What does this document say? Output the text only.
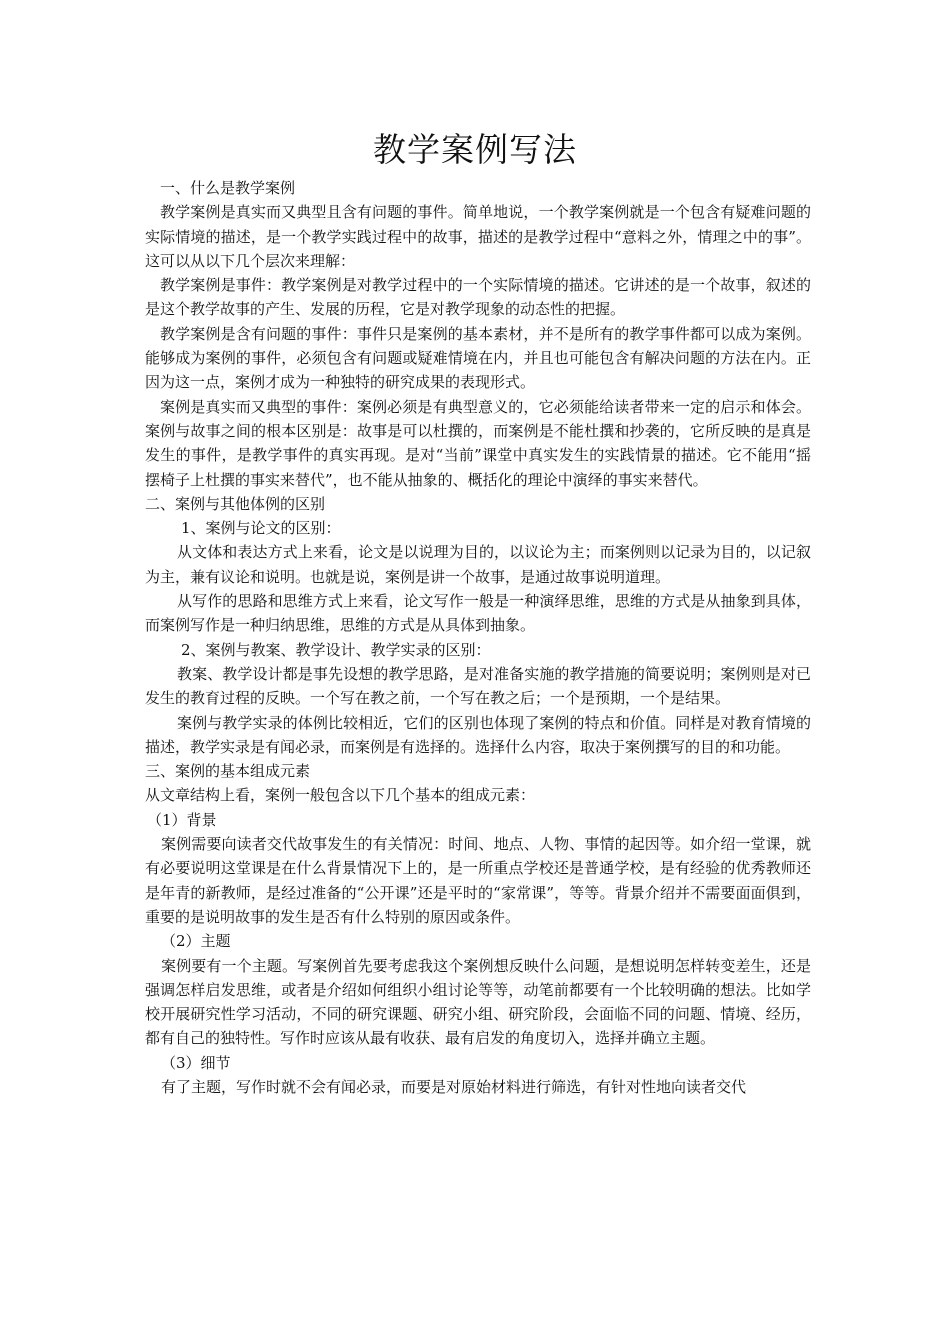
教学案例写法

一、什么是教学案例

教学案例是真实而又典型且含有问题的事件。简单地说，一个教学案例就是一个包含有疑难问题的实际情境的描述，是一个教学实践过程中的故事，描述的是教学过程中“意料之外，情理之中的事”。这可以从以下几个层次来理解：

教学案例是事件：教学案例是对教学过程中的一个实际情境的描述。它讲述的是一个故事，叙述的是这个教学故事的产生、发展的历程，它是对教学现象的动态性的把握。

教学案例是含有问题的事件：事件只是案例的基本素材，并不是所有的教学事件都可以成为案例。能够成为案例的事件，必须包含有问题或疑难情境在内，并且也可能包含有解决问题的方法在内。正因为这一点，案例才成为一种独特的研究成果的表现形式。

案例是真实而又典型的事件：案例必须是有典型意义的，它必须能给读者带来一定的启示和体会。案例与故事之间的根本区别是：故事是可以杜撰的，而案例是不能杜撰和抄袭的，它所反映的是真是发生的事件，是教学事件的真实再现。是对“当前”课堂中真实发生的实践情景的描述。它不能用“摇摆椅子上杜撰的事实来替代”，也不能从抽象的、概括化的理论中演绎的事实来替代。

二、案例与其他体例的区别

1、案例与论文的区别：

从文体和表达方式上来看，论文是以说理为目的，以议论为主；而案例则以记录为目的，以记叙为主，兼有议论和说明。也就是说，案例是讲一个故事，是通过故事说明道理。

从写作的思路和思维方式上来看，论文写作一般是一种演绎思维，思维的方式是从抽象到具体，而案例写作是一种归纳思维，思维的方式是从具体到抽象。

2、案例与教案、教学设计、教学实录的区别：

教案、教学设计都是事先设想的教学思路，是对准备实施的教学措施的简要说明；案例则是对已发生的教育过程的反映。一个写在教之前，一个写在教之后；一个是预期，一个是结果。

案例与教学实录的体例比较相近，它们的区别也体现了案例的特点和价值。同样是对教育情境的描述，教学实录是有闻必录，而案例是有选择的。选择什么内容，取决于案例撰写的目的和功能。

三、案例的基本组成元素

从文章结构上看，案例一般包含以下几个基本的组成元素：

（1）背景

案例需要向读者交代故事发生的有关情况：时间、地点、人物、事情的起因等。如介绍一堂课，就有必要说明这堂课是在什么背景情况下上的，是一所重点学校还是普通学校，是有经验的优秀教师还是年青的新教师，是经过准备的“公开课”还是平时的“家常课”，等等。背景介绍并不需要面面俱到，重要的是说明故事的发生是否有什么特别的原因或条件。

（2）主题

案例要有一个主题。写案例首先要考虑我这个案例想反映什么问题，是想说明怎样转变差生，还是强调怎样启发思维，或者是介绍如何组织小组讨论等等，动笔前都要有一个比较明确的想法。比如学校开展研究性学习活动，不同的研究课题、研究小组、研究阶段，会面临不同的问题、情境、经历，都有自己的独特性。写作时应该从最有收获、最有启发的角度切入，选择并确立主题。

（3）细节

有了主题，写作时就不会有闻必录，而要是对原始材料进行筛选，有针对性地向读者交代
